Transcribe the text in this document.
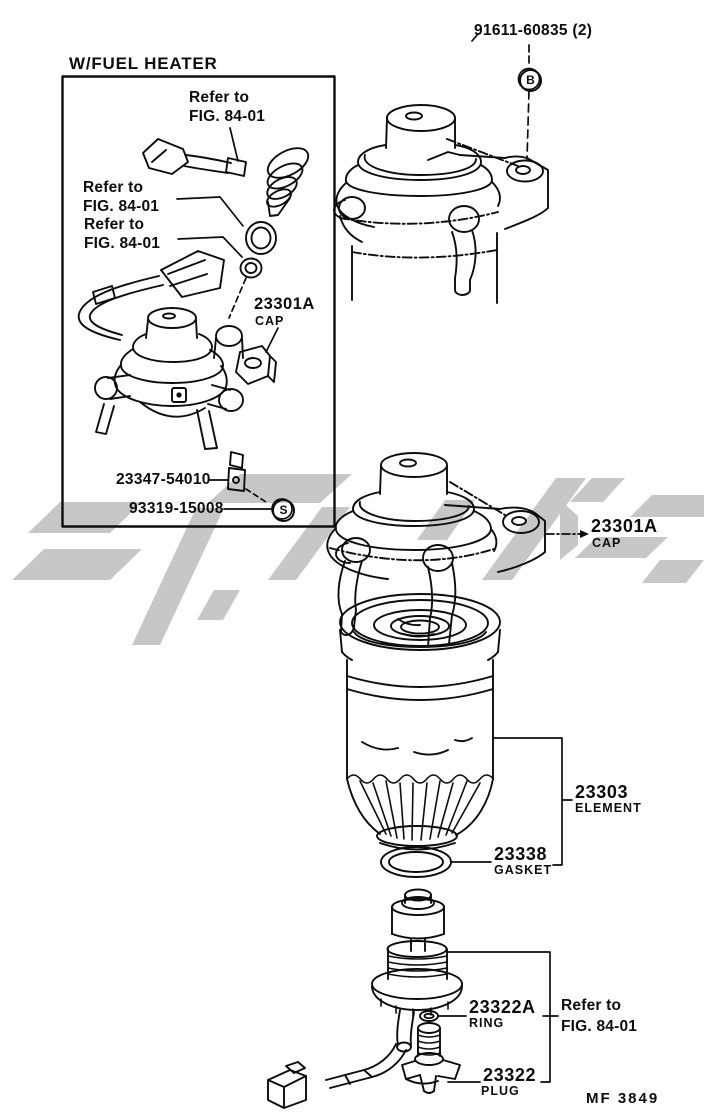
91611-60835 (2)
B
W/FUEL HEATER
Refer to
FIG. 84-01
Refer to
FIG. 84-01
Refer to
FIG. 84-01
23301A
CAP
23347-54010
93319-15008	S
23301A
CAP
23303
ELEMENT
23338
GASKET
23322A
RING
Refer to
FIG. 84-01
23322
PLUG	MF 3849
